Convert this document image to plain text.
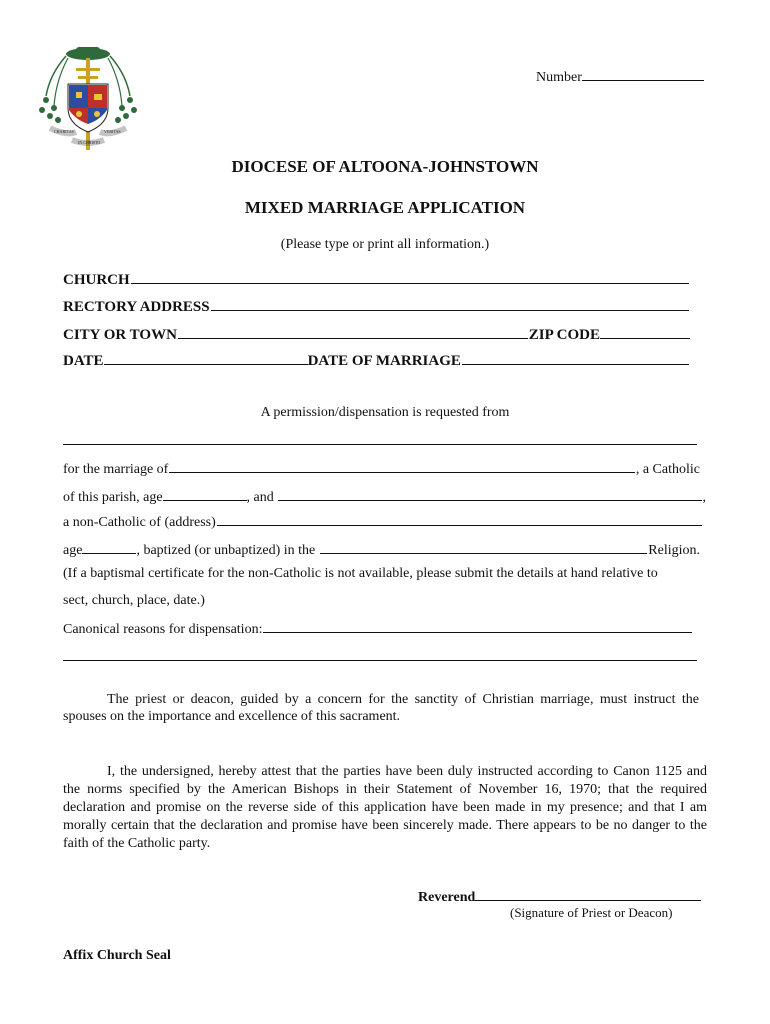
CHARITAS	VERITAS
IN CHRISTO
Number
DIOCESE OF ALTOONA-JOHNSTOWN
MIXED MARRIAGE APPLICATION
(Please type or print all information.)
CHURCH
RECTORY ADDRESS
CITY OR TOWN	ZIP CODE
DATE	DATE OF MARRIAGE
A permission/dispensation is requested from
for the marriage of	, a Catholic
of this parish, age	, and
	,
a non-Catholic of (address)
age	, baptized (or unbaptized) in the
	Religion.
(If a baptismal certificate for the non-Catholic is not available, please submit the details at hand relative to
sect, church, place, date.)
Canonical reasons for dispensation:
The priest or deacon, guided by a concern for the sanctity of Christian marriage, must instruct the spouses on the importance and excellence of this sacrament.
I, the undersigned, hereby attest that the parties have been duly instructed according to Canon 1125 and the norms specified by the American Bishops in their Statement of November 16, 1970; that the required declaration and promise on the reverse side of this application have been made in my presence; and that I am morally certain that the declaration and promise have been sincerely made. There appears to be no danger to the faith of the Catholic party.
Reverend
(Signature of Priest or Deacon)
Affix Church Seal
